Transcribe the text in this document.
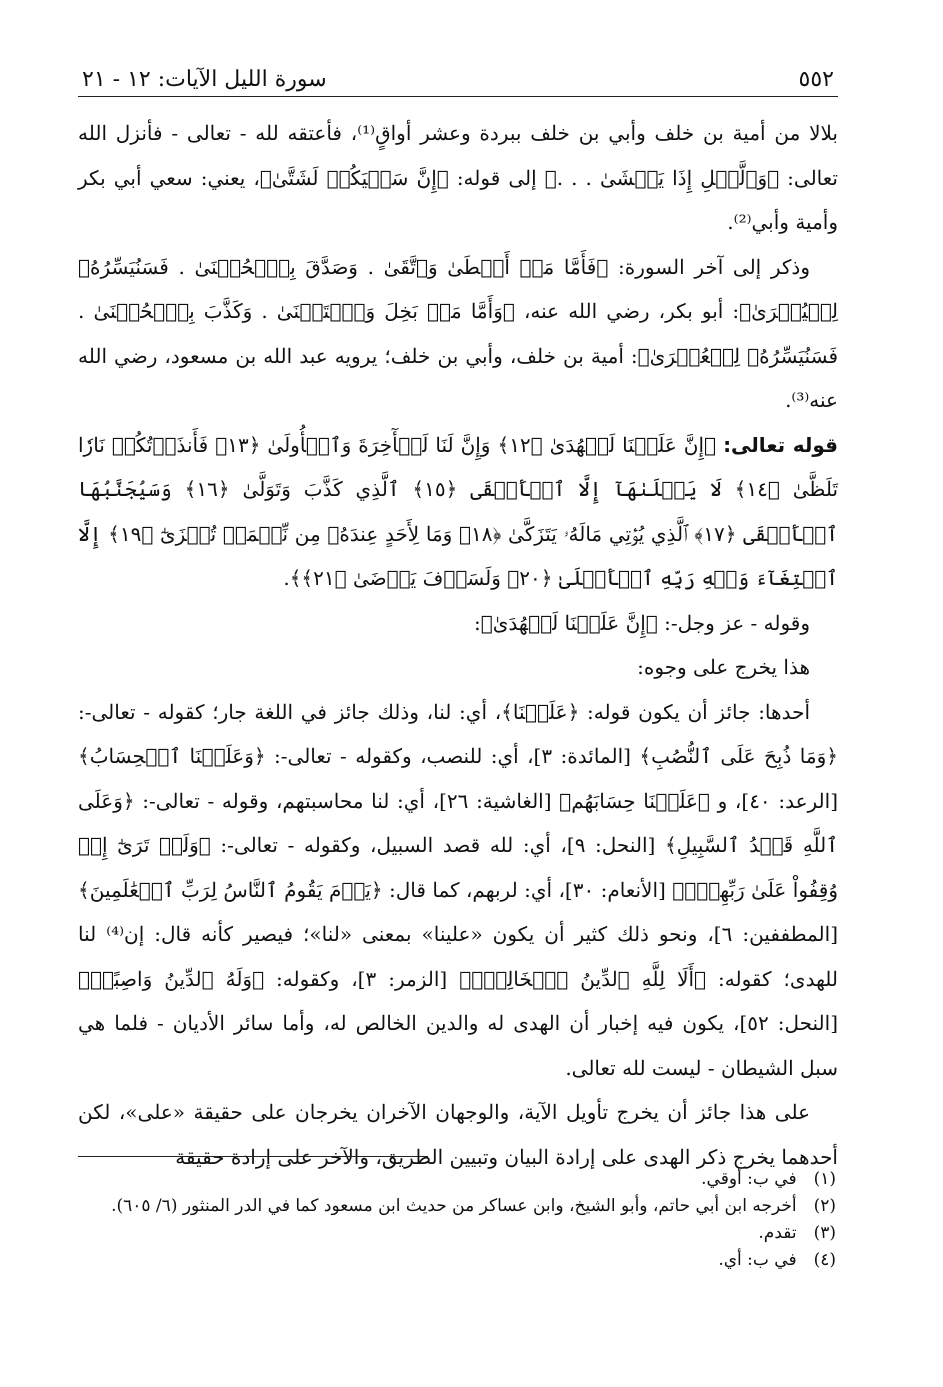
٥٥٢
سورة الليل الآيات: ١٢ - ٢١

بلالا من أمية بن خلف وأبي بن خلف ببردة وعشر أواقٍ⁽¹⁾، فأعتقه لله - تعالى - فأنزل الله تعالى: ﴿وَٱلَّيۡلِ إِذَا يَغۡشَىٰ . . .﴾ إلى قوله: ﴿إِنَّ سَعۡيَكُمۡ لَشَتَّىٰ﴾، يعني: سعي أبي بكر وأمية وأبي⁽²⁾.

وذكر إلى آخر السورة: ﴿فَأَمَّا مَنۡ أَعۡطَىٰ وَٱتَّقَىٰ . وَصَدَّقَ بِٱلۡحُسۡنَىٰ . فَسَنُيَسِّرُهُۥ لِلۡيُسۡرَىٰ﴾: أبو بكر، رضي الله عنه، ﴿وَأَمَّا مَنۢ بَخِلَ وَٱسۡتَغۡنَىٰ . وَكَذَّبَ بِٱلۡحُسۡنَىٰ . فَسَنُيَسِّرُهُۥ لِلۡعُسۡرَىٰ﴾: أمية بن خلف، وأبي بن خلف؛ يرويه عبد الله بن مسعود، رضي الله عنه⁽³⁾.

قوله تعالى: ﴿إِنَّ عَلَيۡنَا لَلۡهُدَىٰ ﴿١٢﴾ وَإِنَّ لَنَا لَلۡأٓخِرَةَ وَٱلۡأُولَىٰ ﴿١٣﴾ فَأَنذَرۡتُكُمۡ نَارٗا تَلَظَّىٰ ﴿١٤﴾ لَا يَصۡلَىٰهَآ إِلَّا ٱلۡأَشۡقَى ﴿١٥﴾ ٱلَّذِي كَذَّبَ وَتَوَلَّىٰ ﴿١٦﴾ وَسَيُجَنَّبُهَا ٱلۡأَتۡقَى ﴿١٧﴾ ٱلَّذِي يُؤۡتِي مَالَهُۥ يَتَزَكَّىٰ ﴿١٨﴾ وَمَا لِأَحَدٍ عِندَهُۥ مِن نِّعۡمَةٖ تُجۡزَىٰٓ ﴿١٩﴾ إِلَّا ٱبۡتِغَآءَ وَجۡهِ رَبِّهِ ٱلۡأَعۡلَىٰ ﴿٢٠﴾ وَلَسَوۡفَ يَرۡضَىٰ ﴿٢١﴾﴾.

وقوله - عز وجل-: ﴿إِنَّ عَلَيۡنَا لَلۡهُدَىٰ﴾:

هذا يخرج على وجوه:

أحدها: جائز أن يكون قوله: ﴿عَلَيۡنَا﴾، أي: لنا، وذلك جائز في اللغة جار؛ كقوله - تعالى-: ﴿وَمَا ذُبِحَ عَلَى ٱلنُّصُبِ﴾ [المائدة: ٣]، أي: للنصب، وكقوله - تعالى-: ﴿وَعَلَيۡنَا ٱلۡحِسَابُ﴾ [الرعد: ٤٠]، و ﴿عَلَيۡنَا حِسَابَهُم﴾ [الغاشية: ٢٦]، أي: لنا محاسبتهم، وقوله - تعالى-: ﴿وَعَلَى ٱللَّهِ قَصۡدُ ٱلسَّبِيلِ﴾ [النحل: ٩]، أي: لله قصد السبيل، وكقوله - تعالى-: ﴿وَلَوۡ تَرَىٰٓ إِذۡ وُقِفُواْ عَلَىٰ رَبِّهِمۡۚ﴾ [الأنعام: ٣٠]، أي: لربهم، كما قال: ﴿يَوۡمَ يَقُومُ ٱلنَّاسُ لِرَبِّ ٱلۡعَٰلَمِينَ﴾ [المطففين: ٦]، ونحو ذلك كثير أن يكون «علينا» بمعنى «لنا»؛ فيصير كأنه قال: إن⁽⁴⁾ لنا للهدى؛ كقوله: ﴿أَلَا لِلَّهِ ٱلدِّينُ ٱلۡخَالِصُۚ﴾ [الزمر: ٣]، وكقوله: ﴿وَلَهُ ٱلدِّينُ وَاصِبًاۚ﴾ [النحل: ٥٢]، يكون فيه إخبار أن الهدى له والدين الخالص له، وأما سائر الأديان - فلما هي سبل الشيطان - ليست لله تعالى.

على هذا جائز أن يخرج تأويل الآية، والوجهان الآخران يخرجان على حقيقة «على»، لكن أحدهما يخرج ذكر الهدى على إرادة البيان وتبيين الطريق، والآخر على إرادة حقيقة

(١) في ب: أوقي.

(٢) أخرجه ابن أبي حاتم، وأبو الشيخ، وابن عساكر من حديث ابن مسعود كما في الدر المنثور (٦/ ٦٠٥).

(٣) تقدم.

(٤) في ب: أي.
